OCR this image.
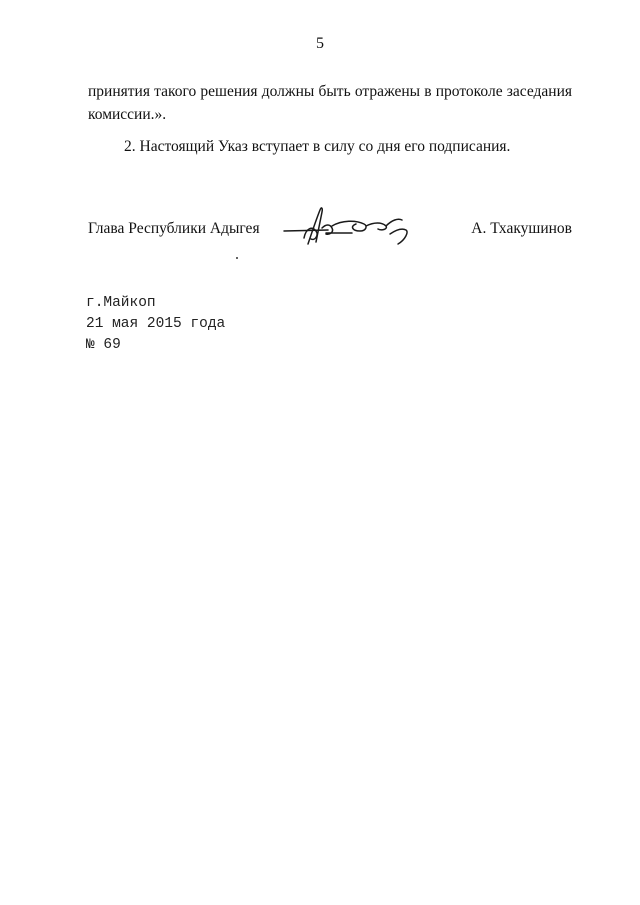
5
принятия такого решения должны быть отражены в протоколе заседания комиссии.».
2. Настоящий Указ вступает в силу со дня его подписания.
Глава Республики Адыгея	А. Тхакушинов
г.Майкоп
21 мая 2015 года
№ 69
